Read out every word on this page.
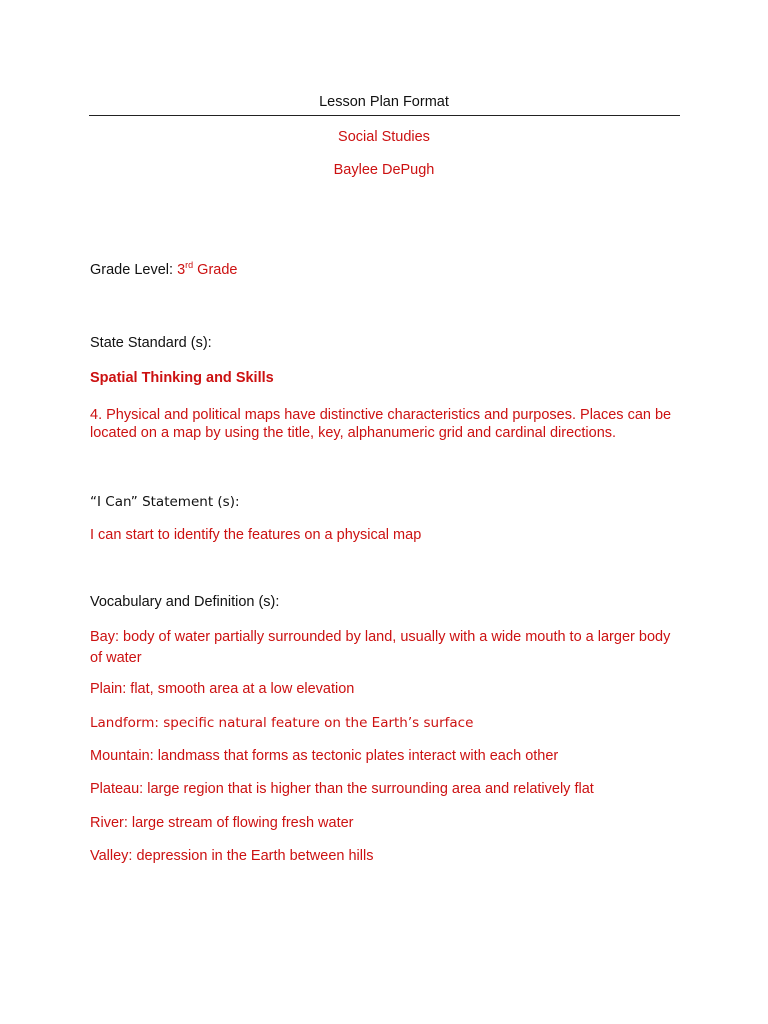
Lesson Plan Format
Social Studies
Baylee DePugh
Grade Level: 3rd Grade
State Standard (s):
Spatial Thinking and Skills
4. Physical and political maps have distinctive characteristics and purposes. Places can be located on a map by using the title, key, alphanumeric grid and cardinal directions.
“I Can” Statement (s):
I can start to identify the features on a physical map
Vocabulary and Definition (s):
Bay: body of water partially surrounded by land, usually with a wide mouth to a larger body of water
Plain: flat, smooth area at a low elevation
Landform: specific natural feature on the Earth’s surface
Mountain: landmass that forms as tectonic plates interact with each other
Plateau: large region that is higher than the surrounding area and relatively flat
River: large stream of flowing fresh water
Valley: depression in the Earth between hills
